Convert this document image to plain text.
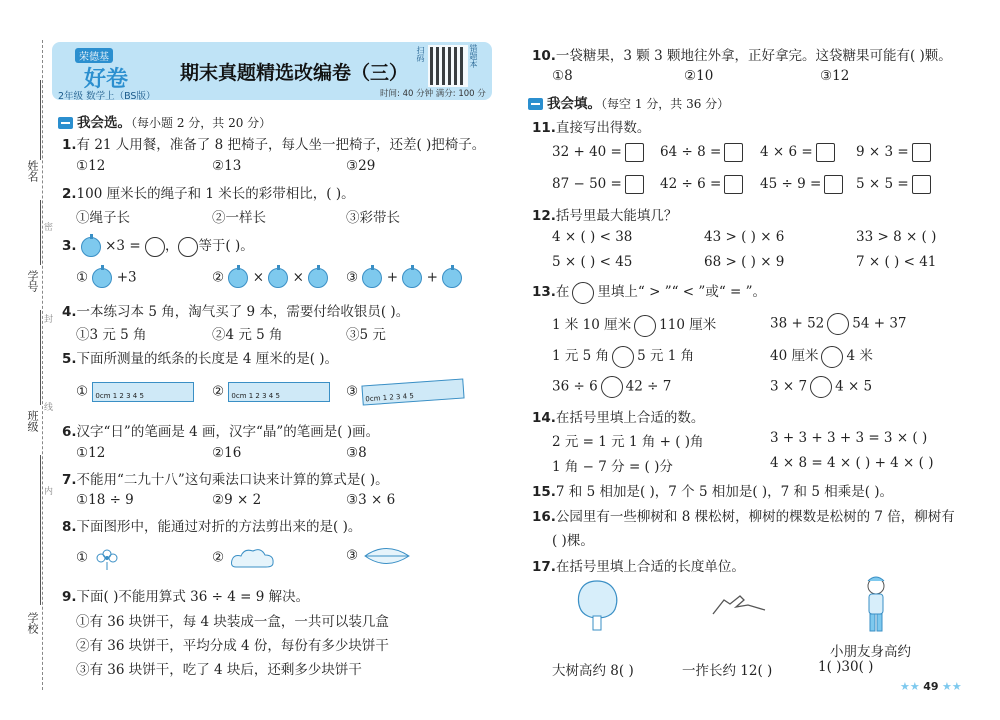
姓名
学号
班级
学校
密
封
线
内
荣德基
好卷
2年级 数学上（BS版）
期末真题精选改编卷（三）
时间: 40 分钟 满分: 100 分
扫码	错题本
我会选。（每小题 2 分，共 20 分）
1.有 21 人用餐，准备了 8 把椅子，每人坐一把椅子，还差( )把椅子。
①12	②13	③29
2.100 厘米长的绳子和 1 米长的彩带相比，( )。
①绳子长	②一样长	③彩带长
3. ×3 = ， 等于( )。
① +3	② × ×	③ + +
4.一本练习本 5 角，淘气买了 9 本，需要付给收银员( )。
①3 元 5 角	②4 元 5 角	③5 元
5.下面所测量的纸条的长度是 4 厘米的是( )。
① 0cm 1 2 3 4 5	② 0cm 1 2 3 4 5	③ 0cm 1 2 3 4 5
6.汉字“日”的笔画是 4 画，汉字“晶”的笔画是( )画。
①12	②16	③8
7.不能用“二九十八”这句乘法口诀来计算的算式是( )。
①18 ÷ 9	②9 × 2	③3 × 6
8.下面图形中，能通过对折的方法剪出来的是( )。
①	②	③
9.下面( )不能用算式 36 ÷ 4 = 9 解决。
①有 36 块饼干，每 4 块装成一盒，一共可以装几盒
②有 36 块饼干，平均分成 4 份，每份有多少块饼干
③有 36 块饼干，吃了 4 块后，还剩多少块饼干
10.一袋糖果，3 颗 3 颗地往外拿，正好拿完。这袋糖果可能有( )颗。
①8	②10	③12
我会填。（每空 1 分，共 36 分）
11.直接写出得数。
32 + 40 =	64 ÷ 8 =	4 × 6 =	9 × 3 =
87 − 50 =	42 ÷ 6 =	45 ÷ 9 =	5 × 5 =
12.括号里最大能填几？
4 × ( ) < 38	43 > ( ) × 6	33 > 8 × ( )
5 × ( ) < 45	68 > ( ) × 9	7 × ( ) < 41
13.在 里填上“ > ”“ < ”或“ = ”。
1 米 10 厘米 110 厘米	38 + 52 54 + 37
1 元 5 角 5 元 1 角	40 厘米 4 米
36 ÷ 6 42 ÷ 7	3 × 7 4 × 5
14.在括号里填上合适的数。
2 元 = 1 元 1 角 + ( )角	3 + 3 + 3 + 3 = 3 × ( )
1 角 − 7 分 = ( )分	4 × 8 = 4 × ( ) + 4 × ( )
15.7 和 5 相加是( )，7 个 5 相加是( )，7 和 5 相乘是( )。
16.公园里有一些柳树和 8 棵松树，柳树的棵数是松树的 7 倍，柳树有
( )棵。
17.在括号里填上合适的长度单位。
大树高约 8( )	一拃长约 12( )
小朋友身高约
1( )30( )
★★ 49 ★★
